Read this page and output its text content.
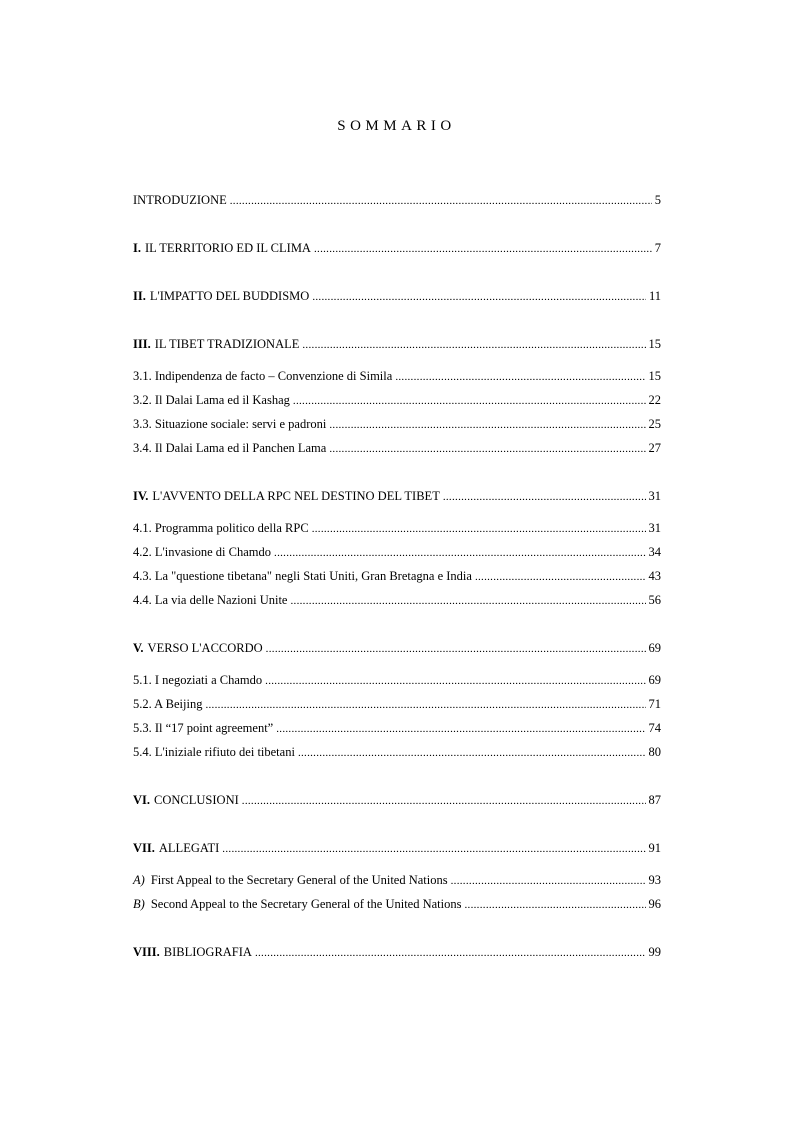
SOMMARIO
INTRODUZIONE .....	5
I. IL TERRITORIO ED IL CLIMA .....	7
II. L'IMPATTO DEL BUDDISMO .....	11
III. IL TIBET TRADIZIONALE .....	15
3.1. Indipendenza de facto – Convenzione di Simila .....	15
3.2. Il Dalai Lama ed il Kashag .....	22
3.3. Situazione sociale: servi e padroni .....	25
3.4. Il Dalai Lama ed il Panchen Lama .....	27
IV. L'AVVENTO DELLA RPC NEL DESTINO DEL TIBET .....	31
4.1. Programma politico della RPC .....	31
4.2. L'invasione di Chamdo .....	34
4.3. La "questione tibetana" negli Stati Uniti, Gran Bretagna e India .....	43
4.4. La via delle Nazioni Unite .....	56
V. VERSO L'ACCORDO .....	69
5.1. I negoziati a Chamdo .....	69
5.2. A Beijing .....	71
5.3. Il “17 point agreement” .....	74
5.4. L'iniziale rifiuto dei tibetani .....	80
VI. CONCLUSIONI .....	87
VII. ALLEGATI .....	91
A) First Appeal to the Secretary General of the United Nations .....	93
B) Second Appeal to the Secretary General of the United Nations .....	96
VIII. BIBLIOGRAFIA .....	99
